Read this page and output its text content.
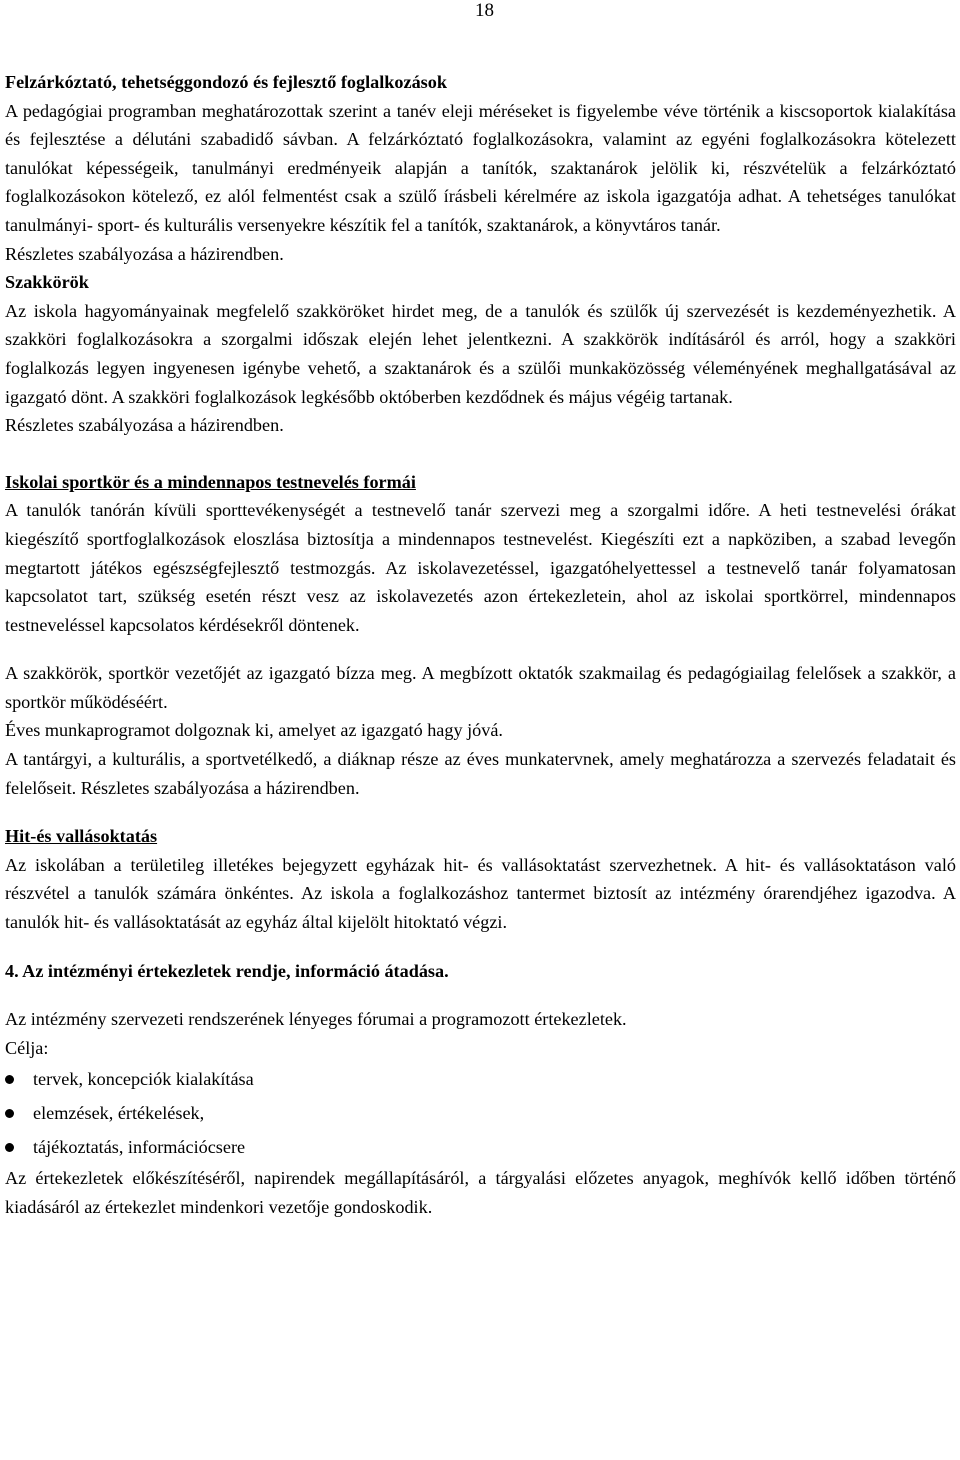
18

Felzárkóztató, tehetséggondozó és fejlesztő foglalkozások

A pedagógiai programban meghatározottak szerint a tanév eleji méréseket is figyelembe véve történik a kiscsoportok kialakítása és fejlesztése a délutáni szabadidő sávban. A felzárkóztató foglalkozásokra, valamint az egyéni foglalkozásokra kötelezett tanulókat képességeik, tanulmányi eredményeik alapján a tanítók, szaktanárok jelölik ki, részvételük a felzárkóztató foglalkozásokon kötelező, ez alól felmentést csak a szülő írásbeli kérelmére az iskola igazgatója adhat. A tehetséges tanulókat tanulmányi- sport- és kulturális versenyekre készítik fel a tanítók, szaktanárok, a könyvtáros tanár.

Részletes szabályozása a házirendben.

Szakkörök

Az iskola hagyományainak megfelelő szakköröket hirdet meg, de a tanulók és szülők új szervezését is kezdeményezhetik. A szakköri foglalkozásokra a szorgalmi időszak elején lehet jelentkezni. A szakkörök indításáról és arról, hogy a szakköri foglalkozás legyen ingyenesen igénybe vehető, a szaktanárok és a szülői munkaközösség véleményének meghallgatásával az igazgató dönt. A szakköri foglalkozások legkésőbb októberben kezdődnek és május végéig tartanak.

Részletes szabályozása a házirendben.

Iskolai sportkör és a mindennapos testnevelés formái

A tanulók tanórán kívüli sporttevékenységét a testnevelő tanár szervezi meg a szorgalmi időre. A heti testnevelési órákat kiegészítő sportfoglalkozások eloszlása biztosítja a mindennapos testnevelést. Kiegészíti ezt a napköziben, a szabad levegőn megtartott játékos egészségfejlesztő testmozgás. Az iskolavezetéssel, igazgatóhelyettessel a testnevelő tanár folyamatosan kapcsolatot tart, szükség esetén részt vesz az iskolavezetés azon értekezletein, ahol az iskolai sportkörrel, mindennapos testneveléssel kapcsolatos kérdésekről döntenek.

A szakkörök, sportkör vezetőjét az igazgató bízza meg. A megbízott oktatók szakmailag és pedagógiailag felelősek a szakkör, a sportkör működéséért.

Éves munkaprogramot dolgoznak ki, amelyet az igazgató hagy jóvá.

A tantárgyi, a kulturális, a sportvetélkedő, a diáknap része az éves munkatervnek, amely meghatározza a szervezés feladatait és felelőseit. Részletes szabályozása a házirendben.

Hit-és vallásoktatás

Az iskolában a területileg illetékes bejegyzett egyházak hit- és vallásoktatást szervezhetnek. A hit- és vallásoktatáson való részvétel a tanulók számára önkéntes. Az iskola a foglalkozáshoz tantermet biztosít az intézmény órarendjéhez igazodva. A tanulók hit- és vallásoktatását az egyház által kijelölt hitoktató végzi.

4. Az intézményi értekezletek rendje, információ átadása.

Az intézmény szervezeti rendszerének lényeges fórumai a programozott értekezletek.

Célja:

tervek, koncepciók kialakítása
elemzések, értékelések,
tájékoztatás, információcsere

Az értekezletek előkészítéséről, napirendek megállapításáról, a tárgyalási előzetes anyagok, meghívók kellő időben történő kiadásáról az értekezlet mindenkori vezetője gondoskodik.
